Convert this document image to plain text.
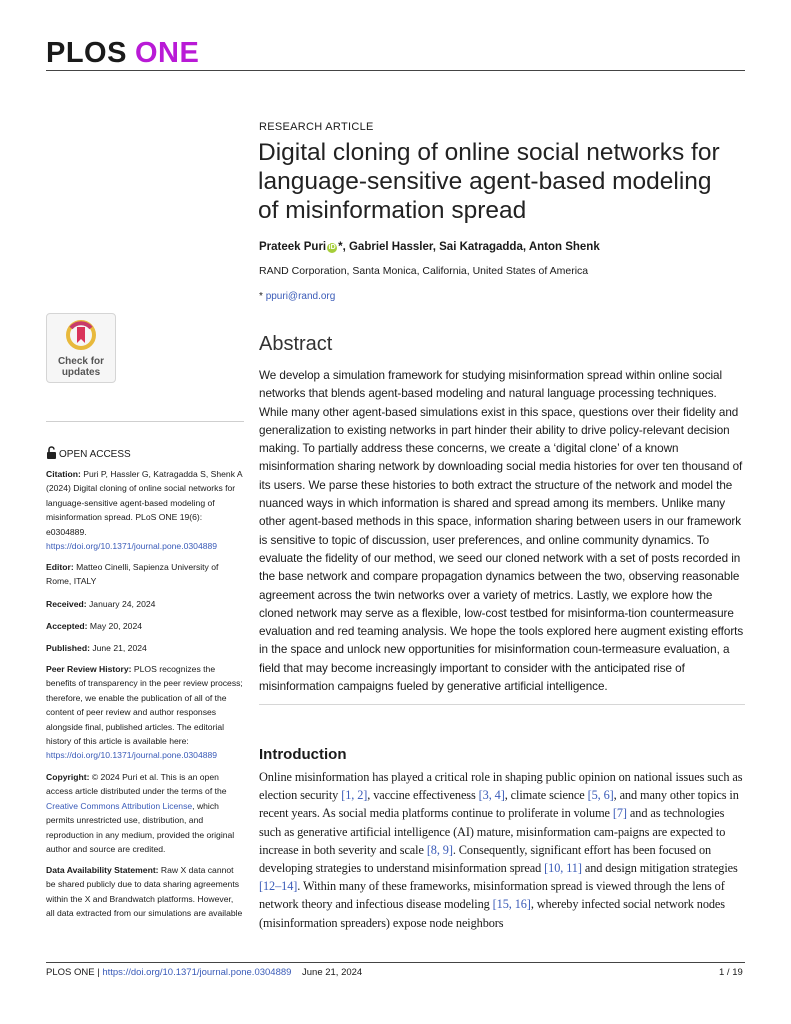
PLOS ONE
Check for
updates
OPEN ACCESS
Citation: Puri P, Hassler G, Katragadda S, Shenk A (2024) Digital cloning of online social networks for language-sensitive agent-based modeling of misinformation spread. PLoS ONE 19(6): e0304889. https://doi.org/10.1371/journal.pone.0304889
Editor: Matteo Cinelli, Sapienza University of Rome, ITALY
Received: January 24, 2024
Accepted: May 20, 2024
Published: June 21, 2024
Peer Review History: PLOS recognizes the benefits of transparency in the peer review process; therefore, we enable the publication of all of the content of peer review and author responses alongside final, published articles. The editorial history of this article is available here: https://doi.org/10.1371/journal.pone.0304889
Copyright: © 2024 Puri et al. This is an open access article distributed under the terms of the Creative Commons Attribution License, which permits unrestricted use, distribution, and reproduction in any medium, provided the original author and source are credited.
Data Availability Statement: Raw X data cannot be shared publicly due to data sharing agreements within the X and Brandwatch platforms. However, all data extracted from our simulations are available
RESEARCH ARTICLE
Digital cloning of online social networks for language-sensitive agent-based modeling of misinformation spread
Prateek Puri iD *, Gabriel Hassler, Sai Katragadda, Anton Shenk
RAND Corporation, Santa Monica, California, United States of America
* ppuri@rand.org
Abstract
We develop a simulation framework for studying misinformation spread within online social networks that blends agent-based modeling and natural language processing techniques. While many other agent-based simulations exist in this space, questions over their fidelity and generalization to existing networks in part hinder their ability to drive policy-relevant decision making. To partially address these concerns, we create a ‘digital clone’ of a known misinformation sharing network by downloading social media histories for over ten thousand of its users. We parse these histories to both extract the structure of the network and model the nuanced ways in which information is shared and spread among its members. Unlike many other agent-based methods in this space, information sharing between users in our framework is sensitive to topic of discussion, user preferences, and online community dynamics. To evaluate the fidelity of our method, we seed our cloned network with a set of posts recorded in the base network and compare propagation dynamics between the two, observing reasonable agreement across the twin networks over a variety of metrics. Lastly, we explore how the cloned network may serve as a flexible, low-cost testbed for misinforma-tion countermeasure evaluation and red teaming analysis. We hope the tools explored here augment existing efforts in the space and unlock new opportunities for misinformation coun-termeasure evaluation, a field that may become increasingly important to consider with the anticipated rise of misinformation campaigns fueled by generative artificial intelligence.
Introduction
Online misinformation has played a critical role in shaping public opinion on national issues such as election security [1, 2], vaccine effectiveness [3, 4], climate science [5, 6], and many other topics in recent years. As social media platforms continue to proliferate in volume [7] and as technologies such as generative artificial intelligence (AI) mature, misinformation cam-paigns are expected to increase in both severity and scale [8, 9]. Consequently, significant effort has been focused on developing strategies to understand misinformation spread [10, 11] and design mitigation strategies [12–14]. Within many of these frameworks, misinformation spread is viewed through the lens of network theory and infectious disease modeling [15, 16], whereby infected social network nodes (misinformation spreaders) expose node neighbors
PLOS ONE | https://doi.org/10.1371/journal.pone.0304889 June 21, 2024	1 / 19
